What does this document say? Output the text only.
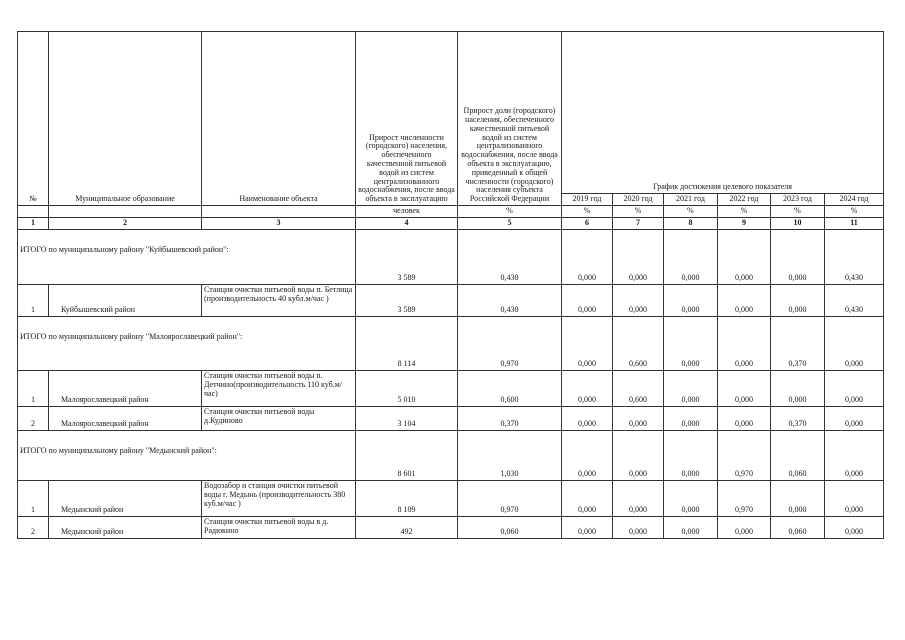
№	Муниципальное образование	Наименование объекта	Прирост численности (городского) населения, обеспеченного качественной питьевой водой из систем централизованного водоснабжения, после ввода объекта в эксплуатацию	Прирост доли (городского) населения, обеспеченного качественной питьевой водой из систем централизованного водоснабжения, после ввода объекта в эксплуатацию, приведенный к общей численности (городского) населения субъекта Российской Федерации	График достижения целевого показателя					
					2019 год	2020 год	2021 год	2022 год	2023 год	2024 год
			человек	%	%	%	%	%	%	%
1	2	3	4	5	6	7	8	9	10	11
ИТОГО по муниципальному району "Куйбышевский район":			3 589	0,430	0,000	0,000	0,000	0,000	0,000	0,430
1	Куйбышевский район	Станция очистки питьевой воды п. Бетлица (производительность 40 кубл.м/час )	3 589	0,430	0,000	0,000	0,000	0,000	0,000	0,430
ИТОГО по муниципальному району "Малоярославецкий район":			8 114	0,970	0,000	0,600	0,000	0,000	0,370	0,000
1	Малоярославецкий район	Станция очистки питьевой воды п. Детчино(производительность 110 куб.м/час)	5 010	0,600	0,000	0,600	0,000	0,000	0,000	0,000
2	Малоярославецкий район	Станция очистки питьевой воды д.Кудиново	3 104	0,370	0,000	0,000	0,000	0,000	0,370	0,000
ИТОГО по муниципальному району "Медынский район":			8 601	1,030	0,000	0,000	0,000	0,970	0,060	0,000
1	Медынский район	Водозабор и станция очистки питьевой воды г. Медынь (производительность 380 куб.м/час )	8 109	0,970	0,000	0,000	0,000	0,970	0,000	0,000
2	Медынский район	Станция очистки питьевой воды в д. Радюкино	492	0,060	0,000	0,000	0,000	0,000	0,060	0,000
